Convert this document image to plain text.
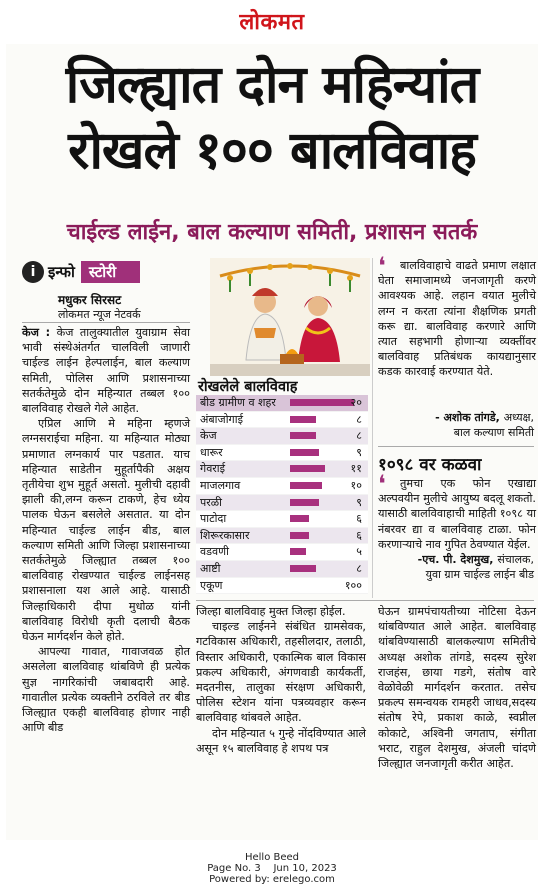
लोकमत
जिल्ह्यात दोन महिन्यांत
रोखले १०० बालविवाह
चाईल्ड लाईन, बाल कल्याण समिती, प्रशासन सतर्क
i इन्फो स्टोरी
मधुकर सिरसट
लोकमत न्यूज नेटवर्क

केज : केज तालुक्यातील युवाग्राम सेवा भावी संस्थेअंतर्गत चालविली जाणारी चाईल्ड लाईन हेल्पलाईन, बाल कल्याण समिती, पोलिस आणि प्रशासनाच्या सतर्कतेमुळे दोन महिन्यात तब्बल १०० बालविवाह रोखले गेले आहेत.

एप्रिल आणि मे महिना म्हणजे लग्नसराईचा महिना. या महिन्यात मोठ्या प्रमाणात लग्नकार्य पार पडतात. याच महिन्यात साडेतीन मुहूर्तापैकी अक्षय तृतीयेचा शुभ मुहूर्त असतो. मुलीची दहावी झाली की,लग्न करून टाकणे, हेच ध्येय पालक घेऊन बसलेले असतात. या दोन महिन्यात चाईल्ड लाईन बीड, बाल कल्याण समिती आणि जिल्हा प्रशासनाच्या सतर्कतेमुळे जिल्ह्यात तब्बल १०० बालविवाह रोखण्यात चाईल्ड लाईनसह प्रशासनाला यश आले आहे. यासाठी जिल्हाधिकारी दीपा मुधोळ यांनी बालविवाह विरोधी कृती दलाची बैठक घेऊन मार्गदर्शन केले होते.

आपल्या गावात, गावाजवळ होत असलेला बालविवाह थांबविणे ही प्रत्येक सुज्ञ नागरिकांची जबाबदारी आहे. गावातील प्रत्येक व्यक्तीने ठरविले तर बीड जिल्ह्यात एकही बालविवाह होणार नाही आणि बीड

रोखलेले बालविवाह
बीड ग्रामीण व शहर	२०
अंबाजोगाई	८
केज	८
धारूर	९
गेवराई	११
माजलगाव	१०
परळी	९
पाटोदा	६
शिरूरकासार	६
वडवणी	५
आष्टी	८
एकूण	१००
❛	बालविवाहाचे वाढते प्रमाण लक्षात घेता समाजामध्ये जनजागृती करणे आवश्यक आहे. लहान वयात मुलीचे लग्न न करता त्यांना शैक्षणिक प्रगती करू द्या. बालविवाह करणारे आणि त्यात सहभागी होणाऱ्या व्यक्तींवर बालविवाह प्रतिबंधक कायद्यानुसार कडक कारवाई करण्यात येते.

- अशोक तांगडे, अध्यक्ष,
बाल कल्याण समिती
१०९८ वर कळवा
❛	तुमचा एक फोन एखाद्या अल्पवयीन मुलीचे आयुष्य बदलू शकतो. यासाठी बालविवाहाची माहिती १०९८ या नंबरवर द्या व बालविवाह टाळा. फोन करणाऱ्याचे नाव गुपित ठेवण्यात येईल.

-एच. पी. देशमुख, संचालक,
युवा ग्राम चाईल्ड लाईन बीड

जिल्हा बालविवाह मुक्त जिल्हा होईल.

चाइल्ड लाईनने संबंधित ग्रामसेवक, गटविकास अधिकारी, तहसीलदार, तलाठी, विस्तार अधिकारी, एकात्मिक बाल विकास प्रकल्प अधिकारी, अंगणवाडी कार्यकर्ती, मदतनीस, तालुका संरक्षण अधिकारी, पोलिस स्टेशन यांना पत्रव्यवहार करून बालविवाह थांबवले आहेत.

दोन महिन्यात ५ गुन्हे नोंदविण्यात आले असून १५ बालविवाह हे शपथ पत्र

घेऊन ग्रामपंचायतीच्या नोटिसा देऊन थांबविण्यात आले आहेत. बालविवाह थांबविण्यासाठी बालकल्याण समितीचे अध्यक्ष अशोक तांगडे, सदस्य सुरेश राजहंस, छाया गडगे, संतोष वारे वेळोवेळी मार्गदर्शन करतात. तसेच प्रकल्प समन्वयक रामहरी जाधव,सदस्य संतोष रेपे, प्रकाश काळे, स्वप्नील कोकाटे, अश्विनी जगताप, संगीता भराट, राहुल देशमुख, अंजली चांदणे जिल्ह्यात जनजागृती करीत आहेत.

Hello Beed
Page No. 3 Jun 10, 2023
Powered by: erelego.com
